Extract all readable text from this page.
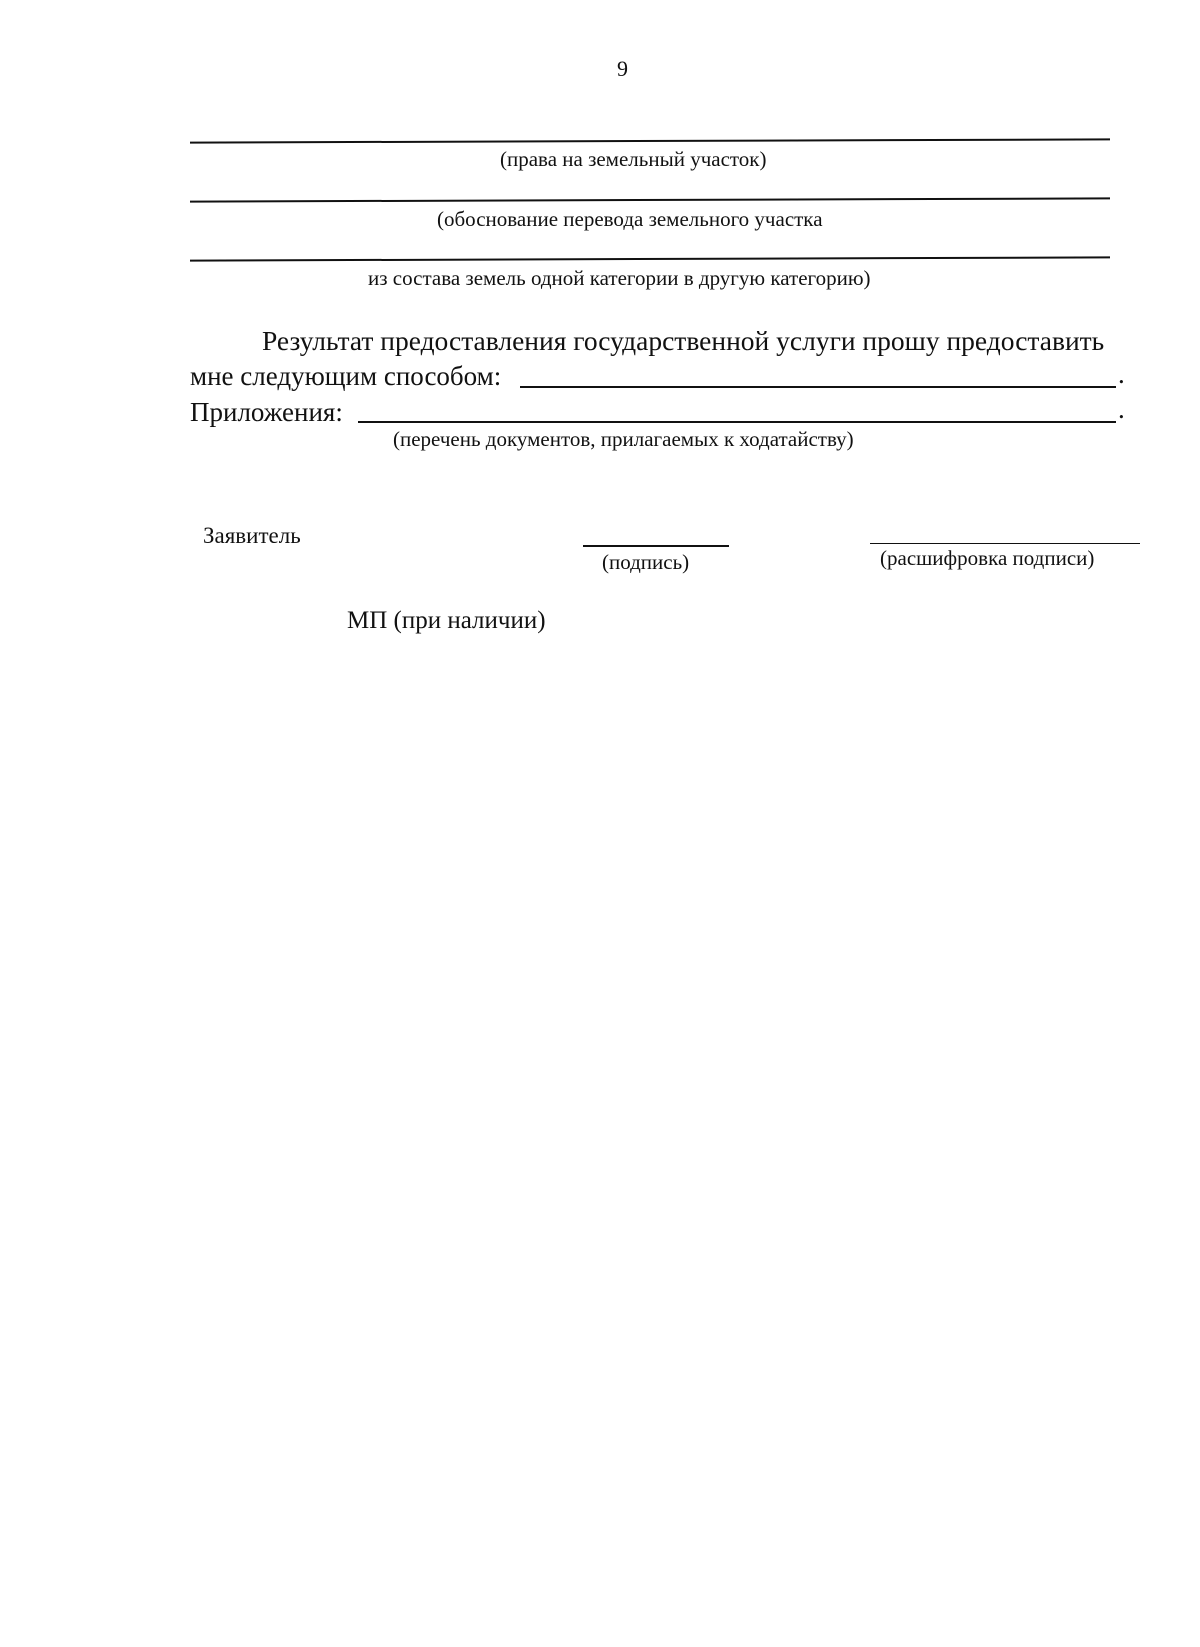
9
(права на земельный участок)
(обоснование перевода земельного участка
из состава земель одной категории в другую категорию)
Результат предоставления государственной услуги прошу предоставить
мне следующим способом:	.
Приложения:	.
(перечень документов, прилагаемых к ходатайству)
Заявитель
(подпись)	(расшифровка подписи)
МП (при наличии)
